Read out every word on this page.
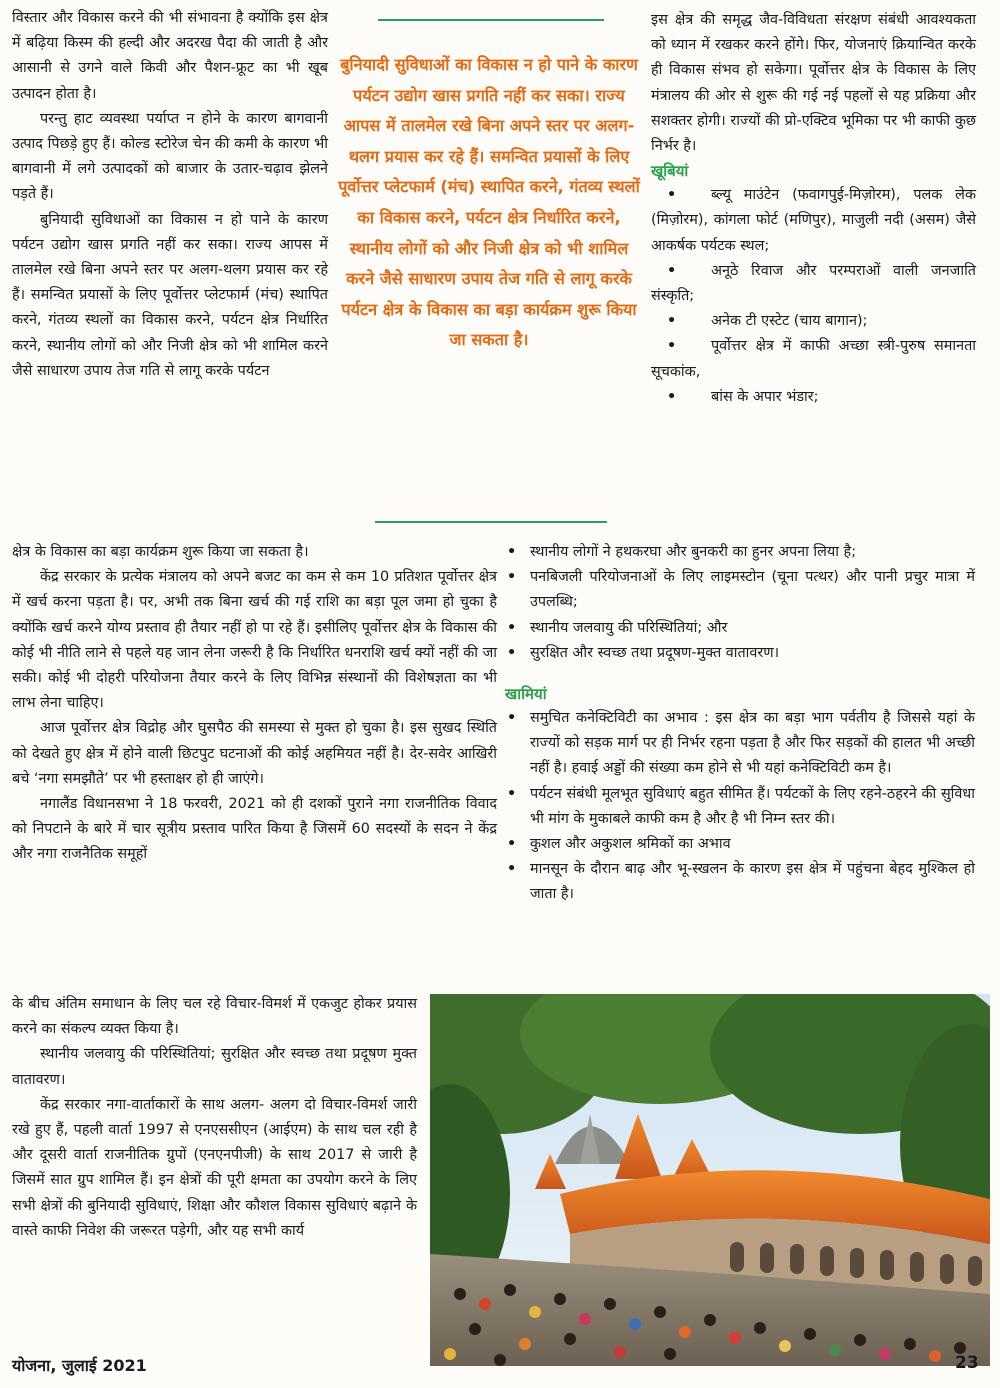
विस्तार और विकास करने की भी संभावना है क्योंकि इस क्षेत्र में बढ़िया किस्म की हल्दी और अदरख पैदा की जाती है और आसानी से उगने वाले किवी और पैशन-फ्रूट का भी खूब उत्पादन होता है।

परन्तु हाट व्यवस्था पर्याप्त न होने के कारण बागवानी उत्पाद पिछड़े हुए हैं। कोल्ड स्टोरेज चेन की कमी के कारण भी बागवानी में लगे उत्पादकों को बाजार के उतार-चढ़ाव झेलने पड़ते हैं।

बुनियादी सुविधाओं का विकास न हो पाने के कारण पर्यटन उद्योग खास प्रगति नहीं कर सका। राज्य आपस में तालमेल रखे बिना अपने स्तर पर अलग-थलग प्रयास कर रहे हैं। समन्वित प्रयासों के लिए पूर्वोत्तर प्लेटफार्म (मंच) स्थापित करने, गंतव्य स्थलों का विकास करने, पर्यटन क्षेत्र निर्धारित करने, स्थानीय लोगों को और निजी क्षेत्र को भी शामिल करने जैसे साधारण उपाय तेज गति से लागू करके पर्यटन

बुनियादी सुविधाओं का विकास न हो पाने के कारण पर्यटन उद्योग खास प्रगति नहीं कर सका। राज्य आपस में तालमेल रखे बिना अपने स्तर पर अलग-थलग प्रयास कर रहे हैं। समन्वित प्रयासों के लिए पूर्वोत्तर प्लेटफार्म (मंच) स्थापित करने, गंतव्य स्थलों का विकास करने, पर्यटन क्षेत्र निर्धारित करने, स्थानीय लोगों को और निजी क्षेत्र को भी शामिल करने जैसे साधारण उपाय तेज गति से लागू करके पर्यटन क्षेत्र के विकास का बड़ा कार्यक्रम शुरू किया जा सकता है।

इस क्षेत्र की समृद्ध जैव-विविधता संरक्षण संबंधी आवश्यकता को ध्यान में रखकर करने होंगे। फिर, योजनाएं क्रियान्वित करके ही विकास संभव हो सकेगा। पूर्वोत्तर क्षेत्र के विकास के लिए मंत्रालय की ओर से शुरू की गई नई पहलों से यह प्रक्रिया और सशक्तर होगी। राज्यों की प्रो-एक्टिव भूमिका पर भी काफी कुछ निर्भर है।

खूबियां
• ब्ल्यू माउंटेन (फवागपुई-मिज़ोरम), पलक लेक (मिज़ोरम), कांगला फोर्ट (मणिपुर), माजुली नदी (असम) जैसे आकर्षक पर्यटक स्थल;
• अनूठे रिवाज और परम्पराओं वाली जनजाति संस्कृति;
• अनेक टी एस्टेट (चाय बागान);
• पूर्वोत्तर क्षेत्र में काफी अच्छा स्त्री-पुरुष समानता सूचकांक,
• बांस के अपार भंडार;

क्षेत्र के विकास का बड़ा कार्यक्रम शुरू किया जा सकता है।

केंद्र सरकार के प्रत्येक मंत्रालय को अपने बजट का कम से कम 10 प्रतिशत पूर्वोत्तर क्षेत्र में खर्च करना पड़ता है। पर, अभी तक बिना खर्च की गई राशि का बड़ा पूल जमा हो चुका है क्योंकि खर्च करने योग्य प्रस्ताव ही तैयार नहीं हो पा रहे हैं। इसीलिए पूर्वोत्तर क्षेत्र के विकास की कोई भी नीति लाने से पहले यह जान लेना जरूरी है कि निर्धारित धनराशि खर्च क्यों नहीं की जा सकी। कोई भी दोहरी परियोजना तैयार करने के लिए विभिन्न संस्थानों की विशेषज्ञता का भी लाभ लेना चाहिए।

आज पूर्वोत्तर क्षेत्र विद्रोह और घुसपैठ की समस्या से मुक्त हो चुका है। इस सुखद स्थिति को देखते हुए क्षेत्र में होने वाली छिटपुट घटनाओं की कोई अहमियत नहीं है। देर-सवेर आखिरी बचे ‘नगा समझौते’ पर भी हस्ताक्षर हो ही जाएंगे।

नगालैंड विधानसभा ने 18 फरवरी, 2021 को ही दशकों पुराने नगा राजनीतिक विवाद को निपटाने के बारे में चार सूत्रीय प्रस्ताव पारित किया है जिसमें 60 सदस्यों के सदन ने केंद्र और नगा राजनैतिक समूहों

• स्थानीय लोगों ने हथकरघा और बुनकरी का हुनर अपना लिया है;
• पनबिजली परियोजनाओं के लिए लाइमस्टोन (चूना पत्थर) और पानी प्रचुर मात्रा में उपलब्धि;
• स्थानीय जलवायु की परिस्थितियां; और
• सुरक्षित और स्वच्छ तथा प्रदूषण-मुक्त वातावरण।
खामियां
• समुचित कनेक्टिविटी का अभाव : इस क्षेत्र का बड़ा भाग पर्वतीय है जिससे यहां के राज्यों को सड़क मार्ग पर ही निर्भर रहना पड़ता है और फिर सड़कों की हालत भी अच्छी नहीं है। हवाई अड्डों की संख्या कम होने से भी यहां कनेक्टिविटी कम है।
• पर्यटन संबंधी मूलभूत सुविधाएं बहुत सीमित हैं। पर्यटकों के लिए रहने-ठहरने की सुविधा भी मांग के मुकाबले काफी कम है और है भी निम्न स्तर की।
• कुशल और अकुशल श्रमिकों का अभाव
• मानसून के दौरान बाढ़ और भू-स्खलन के कारण इस क्षेत्र में पहुंचना बेहद मुश्किल हो जाता है।

के बीच अंतिम समाधान के लिए चल रहे विचार-विमर्श में एकजुट होकर प्रयास करने का संकल्प व्यक्त किया है।

स्थानीय जलवायु की परिस्थितियां; सुरक्षित और स्वच्छ तथा प्रदूषण मुक्त वातावरण।

केंद्र सरकार नगा-वार्ताकारों के साथ अलग- अलग दो विचार-विमर्श जारी रखे हुए हैं, पहली वार्ता 1997 से एनएससीएन (आईएम) के साथ चल रही है और दूसरी वार्ता राजनीतिक ग्रुपों (एनएनपीजी) के साथ 2017 से जारी है जिसमें सात ग्रुप शामिल हैं। इन क्षेत्रों की पूरी क्षमता का उपयोग करने के लिए सभी क्षेत्रों की बुनियादी सुविधाएं, शिक्षा और कौशल विकास सुविधाएं बढ़ाने के वास्ते काफी निवेश की जरूरत पड़ेगी, और यह सभी कार्य

योजना, जुलाई 2021	23
